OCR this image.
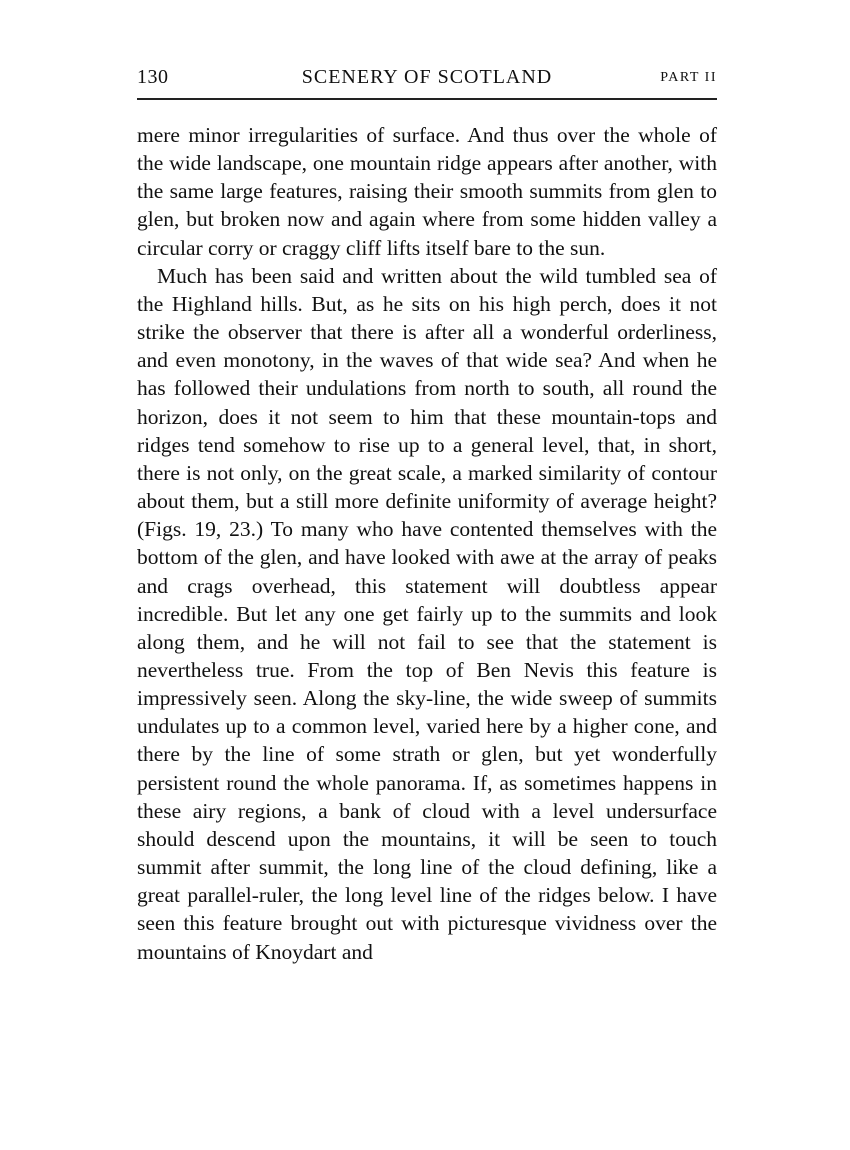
130	SCENERY OF SCOTLAND	PART II

mere minor irregularities of surface. And thus over the whole of the wide landscape, one mountain ridge appears after another, with the same large features, raising their smooth summits from glen to glen, but broken now and again where from some hidden valley a circular corry or craggy cliff lifts itself bare to the sun.

Much has been said and written about the wild tumbled sea of the Highland hills. But, as he sits on his high perch, does it not strike the observer that there is after all a wonderful orderliness, and even monotony, in the waves of that wide sea? And when he has followed their undulations from north to south, all round the horizon, does it not seem to him that these mountain-tops and ridges tend somehow to rise up to a general level, that, in short, there is not only, on the great scale, a marked similarity of contour about them, but a still more definite uniformity of average height? (Figs. 19, 23.) To many who have contented themselves with the bottom of the glen, and have looked with awe at the array of peaks and crags overhead, this statement will doubtless appear incredible. But let any one get fairly up to the summits and look along them, and he will not fail to see that the statement is nevertheless true. From the top of Ben Nevis this feature is impressively seen. Along the sky-line, the wide sweep of summits undulates up to a common level, varied here by a higher cone, and there by the line of some strath or glen, but yet wonderfully persistent round the whole panorama. If, as sometimes happens in these airy regions, a bank of cloud with a level undersurface should descend upon the mountains, it will be seen to touch summit after summit, the long line of the cloud defining, like a great parallel-ruler, the long level line of the ridges below. I have seen this feature brought out with picturesque vividness over the mountains of Knoydart and
